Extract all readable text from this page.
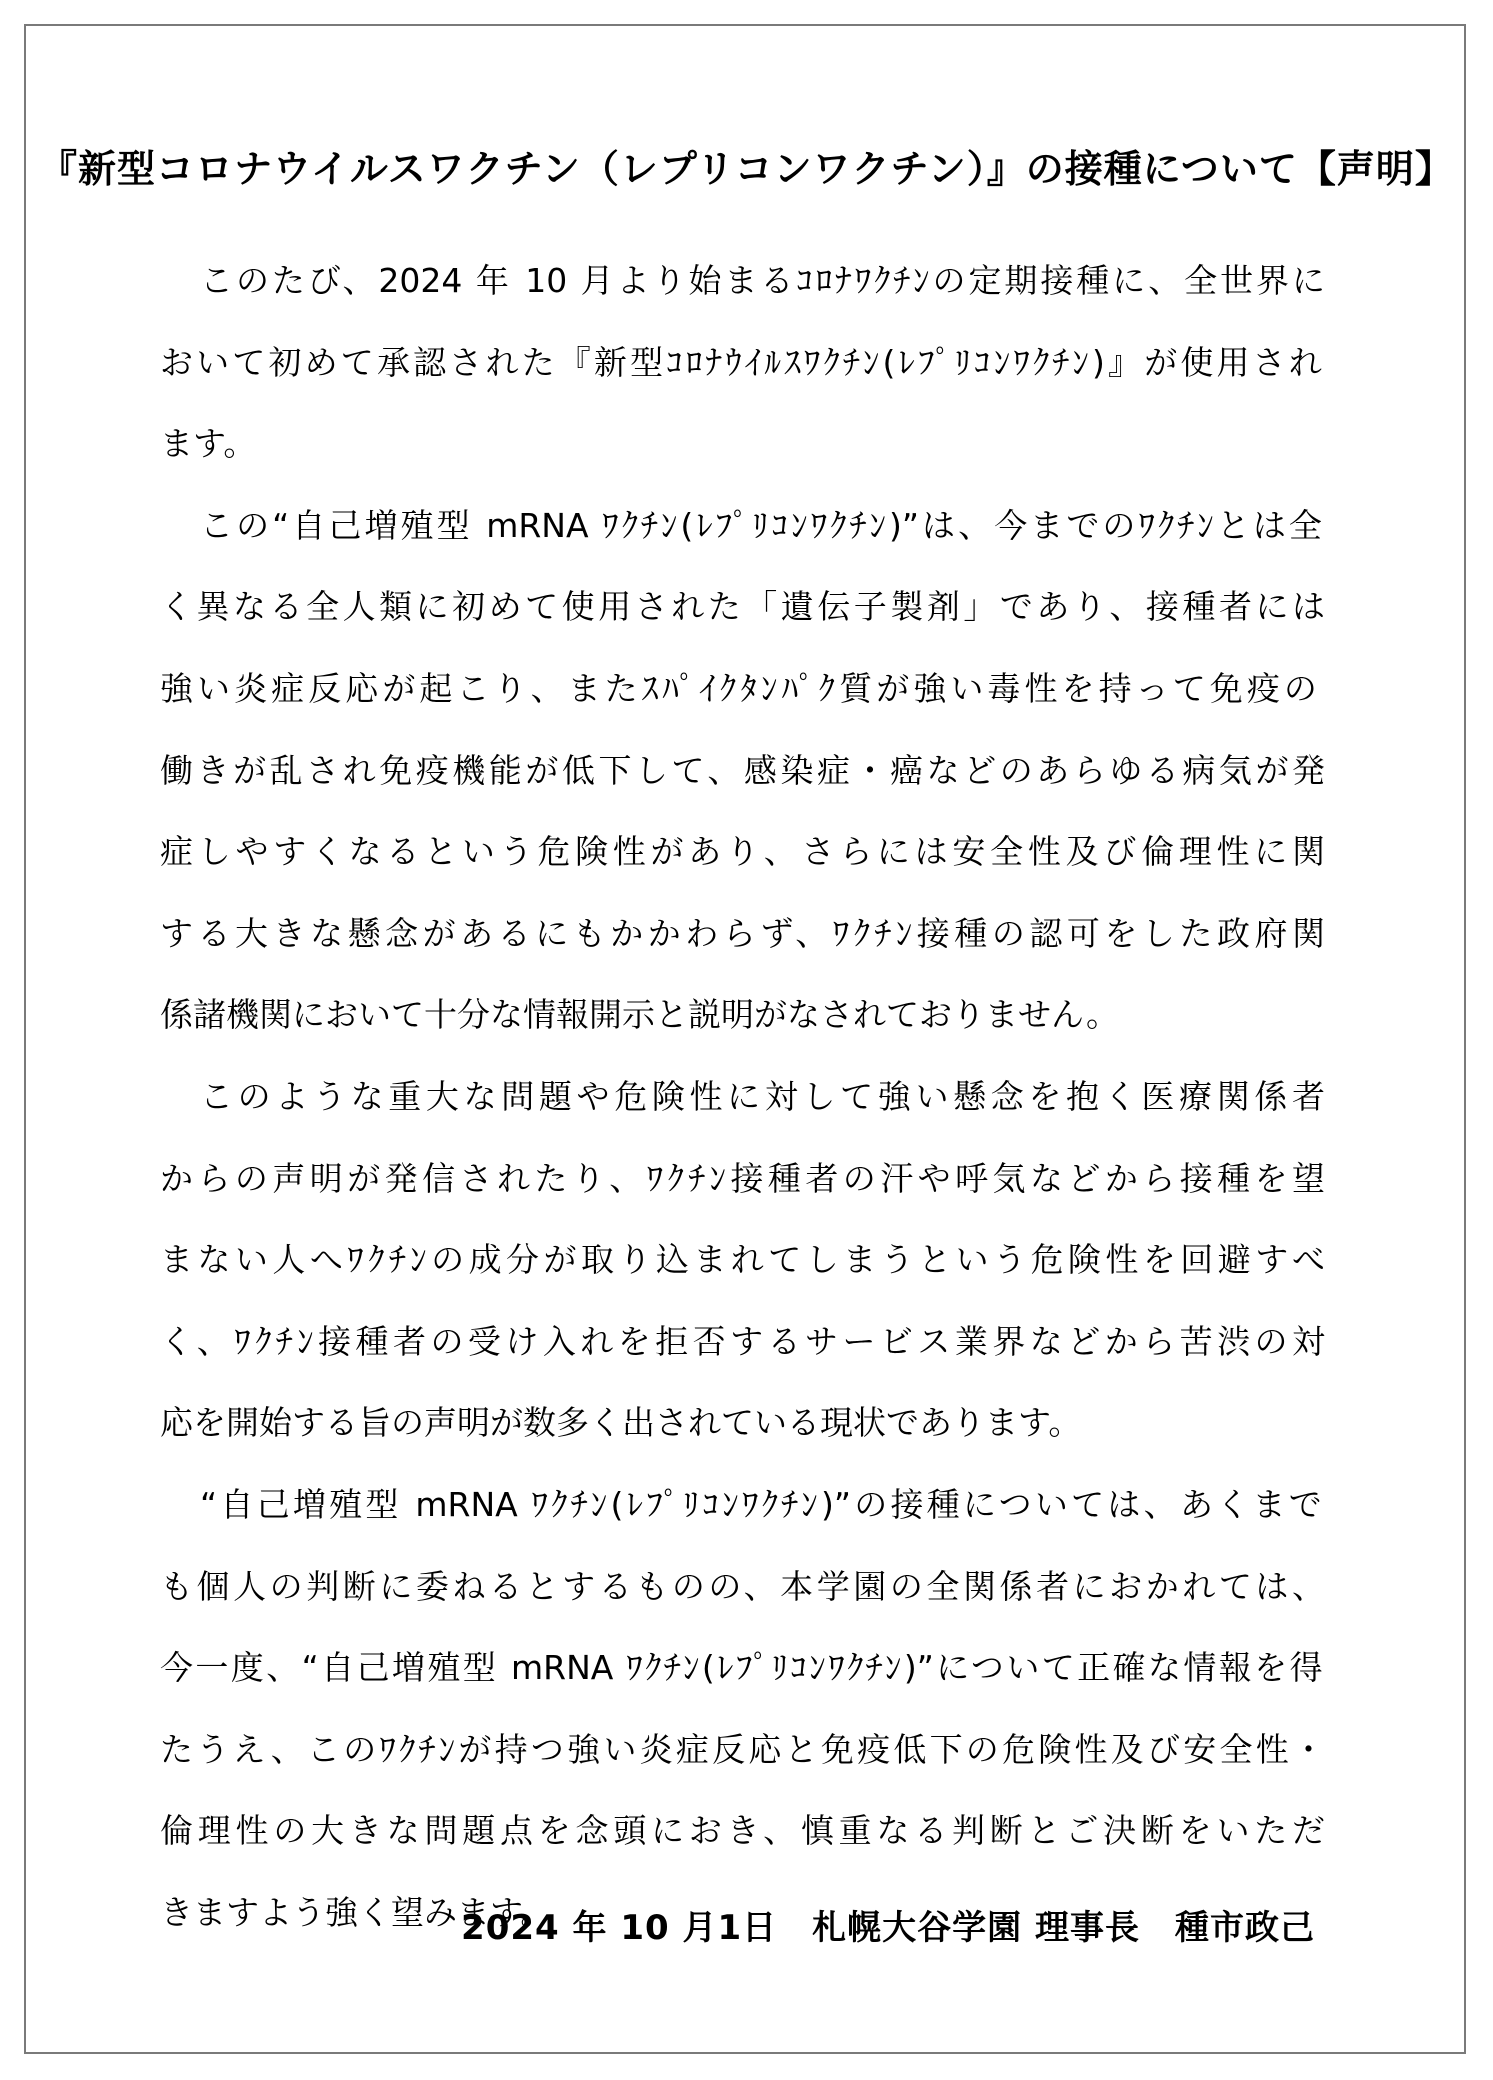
『新型コロナウイルスワクチン（レプリコンワクチン）』の接種について【声明】
このたび、2024 年 10 月より始まるｺﾛﾅﾜｸﾁﾝの定期接種に、全世界に
おいて初めて承認された『新型ｺﾛﾅｳｲﾙｽﾜｸﾁﾝ(ﾚﾌﾟﾘｺﾝﾜｸﾁﾝ)』が使用され
ます。
この“自己増殖型 mRNA ﾜｸﾁﾝ(ﾚﾌﾟﾘｺﾝﾜｸﾁﾝ)”は、今までのﾜｸﾁﾝとは全
く異なる全人類に初めて使用された「遺伝子製剤」であり、接種者には
強い炎症反応が起こり、またｽﾊﾟｲｸﾀﾝﾊﾟｸ質が強い毒性を持って免疫の
働きが乱され免疫機能が低下して、感染症・癌などのあらゆる病気が発
症しやすくなるという危険性があり、さらには安全性及び倫理性に関
する大きな懸念があるにもかかわらず、ﾜｸﾁﾝ接種の認可をした政府関
係諸機関において十分な情報開示と説明がなされておりません。
このような重大な問題や危険性に対して強い懸念を抱く医療関係者
からの声明が発信されたり、ﾜｸﾁﾝ接種者の汗や呼気などから接種を望
まない人へﾜｸﾁﾝの成分が取り込まれてしまうという危険性を回避すべ
く、ﾜｸﾁﾝ接種者の受け入れを拒否するサービス業界などから苦渋の対
応を開始する旨の声明が数多く出されている現状であります。
“自己増殖型 mRNA ﾜｸﾁﾝ(ﾚﾌﾟﾘｺﾝﾜｸﾁﾝ)”の接種については、あくまで
も個人の判断に委ねるとするものの、本学園の全関係者におかれては、
今一度、“自己増殖型 mRNA ﾜｸﾁﾝ(ﾚﾌﾟﾘｺﾝﾜｸﾁﾝ)”について正確な情報を得
たうえ、このﾜｸﾁﾝが持つ強い炎症反応と免疫低下の危険性及び安全性・
倫理性の大きな問題点を念頭におき、慎重なる判断とご決断をいただ
きますよう強く望みます。
2024 年 10 月1日　札幌大谷学園 理事長　種市政己
